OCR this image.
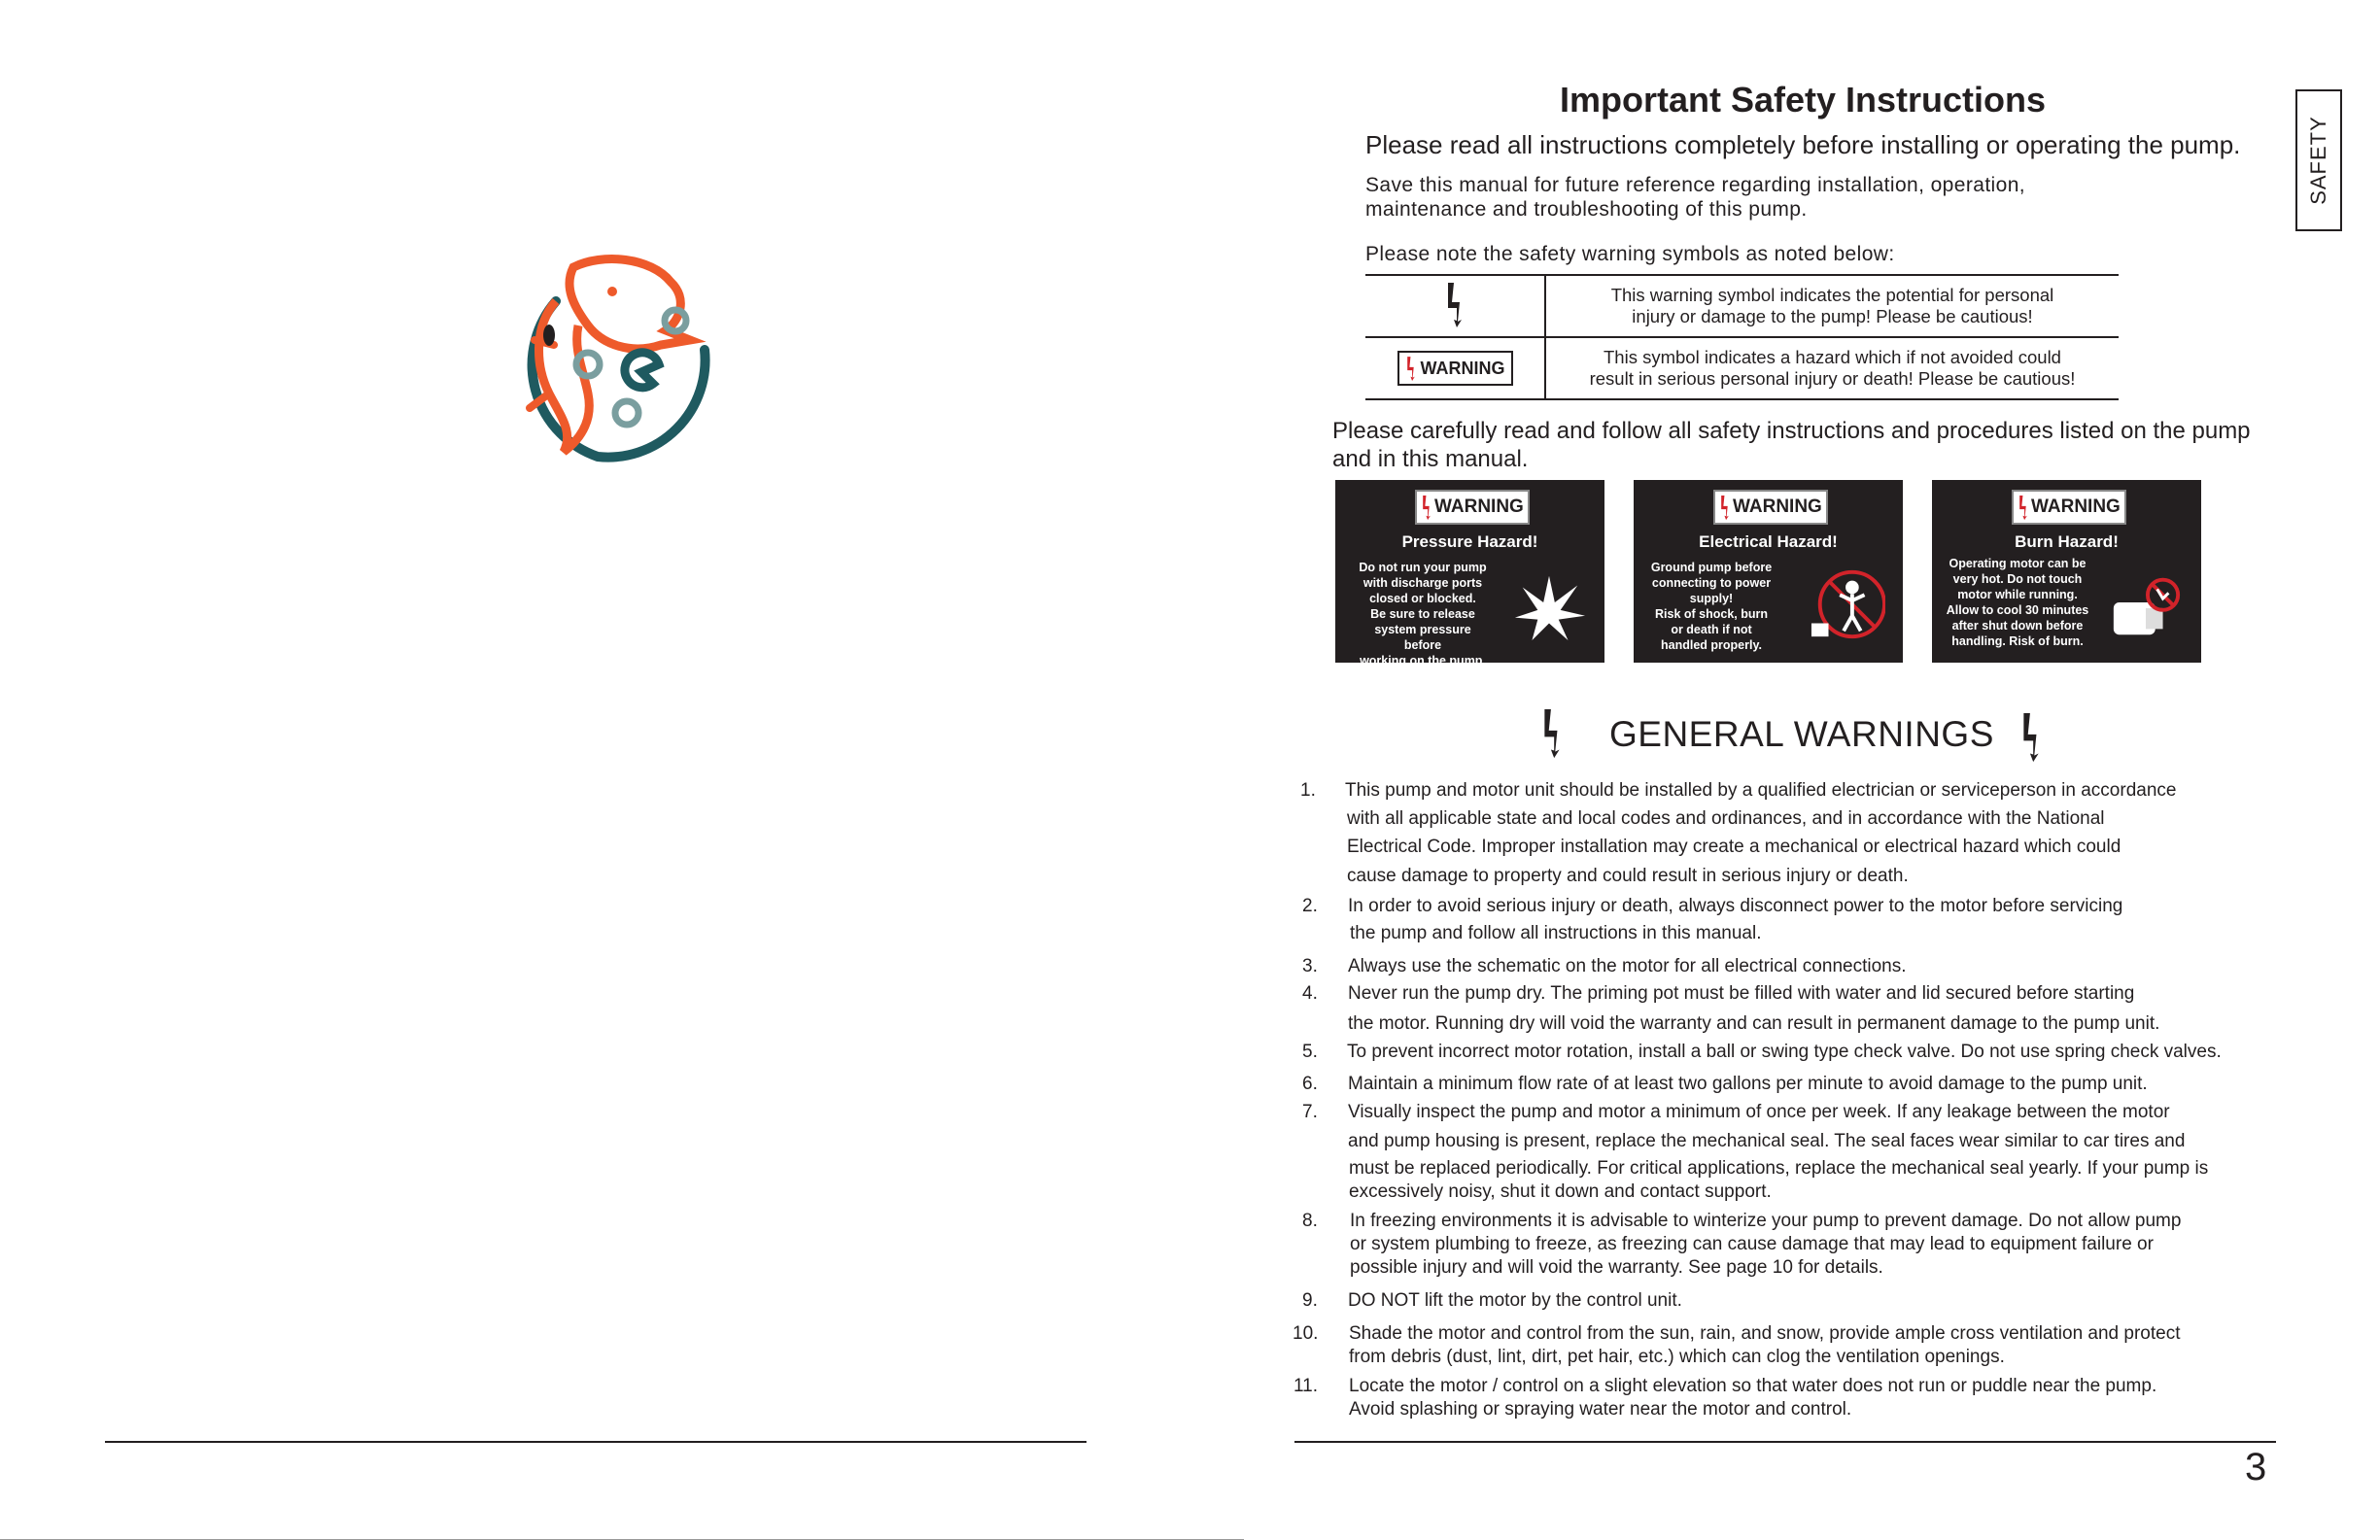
SAFETY
Important Safety Instructions
Please read all instructions completely before installing or operating the pump.
Save this manual for future reference regarding installation, operation,
maintenance and troubleshooting of this pump.
Please note the safety warning symbols as noted below:

This warning symbol indicates the potential for personal
injury or damage to the pump! Please be cautious!

WARNING	This symbol indicates a hazard which if not avoided could
result in serious personal injury or death! Please be cautious!
Please carefully read and follow all safety instructions and procedures listed on the pump
and in this manual.
WARNING
Pressure Hazard!
Do not run your pump
with discharge ports
closed or blocked.
Be sure to release
system pressure before
working on the pump.
WARNING
Electrical Hazard!
Ground pump before
connecting to power
supply!
Risk of shock, burn
or death if not
handled properly.
WARNING
Burn Hazard!
Operating motor can be
very hot. Do not touch
motor while running.
Allow to cool 30 minutes
after shut down before
handling. Risk of burn.
GENERAL WARNINGS
1. This pump and motor unit should be installed by a qualified electrician or serviceperson in accordance
with all applicable state and local codes and ordinances, and in accordance with the National
Electrical Code. Improper installation may create a mechanical or electrical hazard which could
cause damage to property and could result in serious injury or death.
2. In order to avoid serious injury or death, always disconnect power to the motor before servicing
the pump and follow all instructions in this manual.
3. Always use the schematic on the motor for all electrical connections.
4. Never run the pump dry. The priming pot must be filled with water and lid secured before starting
the motor. Running dry will void the warranty and can result in permanent damage to the pump unit.
5. To prevent incorrect motor rotation, install a ball or swing type check valve. Do not use spring check valves.
6. Maintain a minimum flow rate of at least two gallons per minute to avoid damage to the pump unit.
7. Visually inspect the pump and motor a minimum of once per week. If any leakage between the motor
and pump housing is present, replace the mechanical seal. The seal faces wear similar to car tires and
must be replaced periodically. For critical applications, replace the mechanical seal yearly. If your pump is
excessively noisy, shut it down and contact support.
8. In freezing environments it is advisable to winterize your pump to prevent damage. Do not allow pump
or system plumbing to freeze, as freezing can cause damage that may lead to equipment failure or
possible injury and will void the warranty. See page 10 for details.
9. DO NOT lift the motor by the control unit.
10. Shade the motor and control from the sun, rain, and snow, provide ample cross ventilation and protect
from debris (dust, lint, dirt, pet hair, etc.) which can clog the ventilation openings.
11. Locate the motor / control on a slight elevation so that water does not run or puddle near the pump.
Avoid splashing or spraying water near the motor and control.
3
